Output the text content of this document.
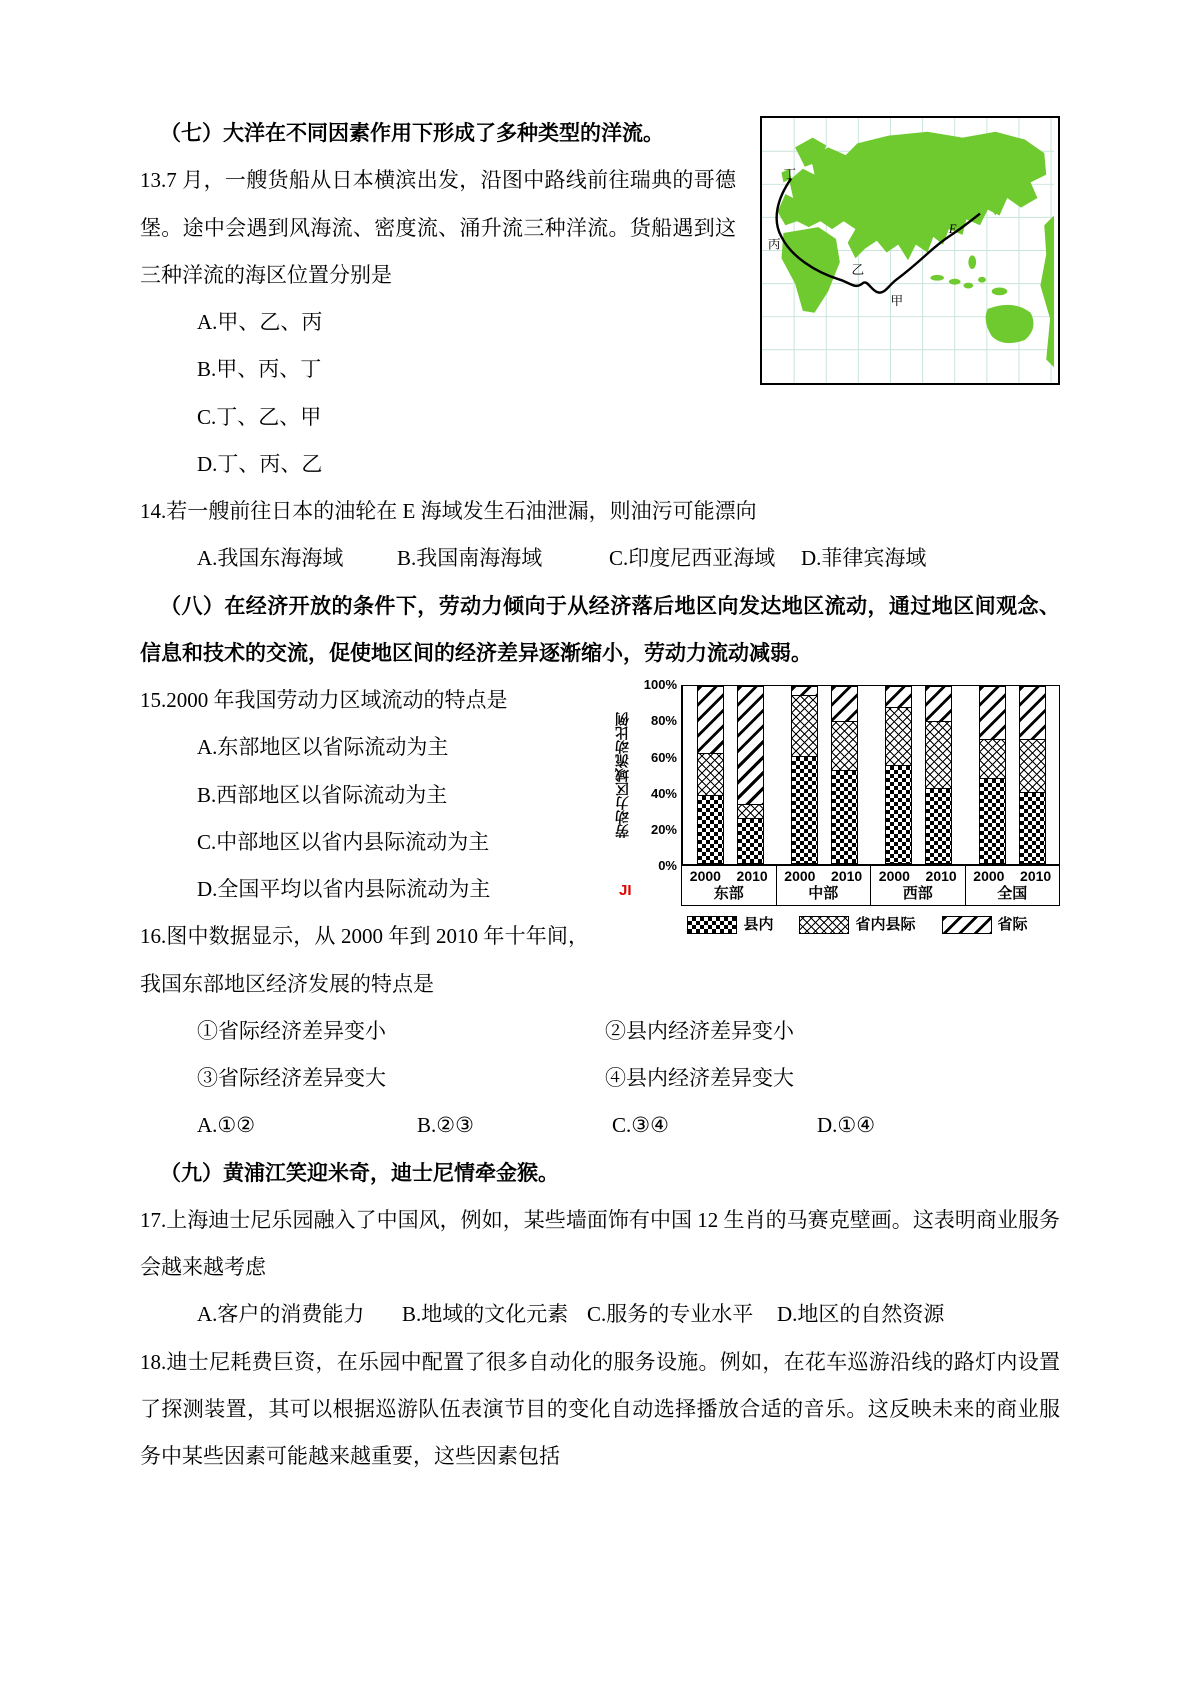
丁
丙
乙
甲
E

（七）大洋在不同因素作用下形成了多种类型的洋流。

13.7 月，一艘货船从日本横滨出发，沿图中路线前往瑞典的哥德堡。途中会遇到风海流、密度流、涌升流三种洋流。货船遇到这三种洋流的海区位置分别是

A.甲、乙、丙
B.甲、丙、丁
C.丁、乙、甲
D.丁、丙、乙

14.若一艘前往日本的油轮在 E 海域发生石油泄漏，则油污可能漂向

A.我国东海海域	B.我国南海海域	C.印度尼西亚海域	D.菲律宾海域

（八）在经济开放的条件下，劳动力倾向于从经济落后地区向发达地区流动，通过地区间观念、信息和技术的交流，促使地区间的经济差异逐渐缩小，劳动力流动减弱。

劳动力区域流动比例
100%
80%
60%
40%
20%
0%
2000 2010
东部
2000 2010
中部
2000 2010
西部
2000 2010
全国
县内	省内县际	省际
JI

15.2000 年我国劳动力区域流动的特点是

A.东部地区以省际流动为主
B.西部地区以省际流动为主
C.中部地区以省内县际流动为主
D.全国平均以省内县际流动为主

16.图中数据显示，从 2000 年到 2010 年十年间，我国东部地区经济发展的特点是

①省际经济差异变小	②县内经济差异变小
③省际经济差异变大	④县内经济差异变大
A.①②	B.②③	C.③④	D.①④

（九）黄浦江笑迎米奇，迪士尼情牵金猴。

17.上海迪士尼乐园融入了中国风，例如，某些墙面饰有中国 12 生肖的马赛克壁画。这表明商业服务会越来越考虑

A.客户的消费能力	B.地域的文化元素 C.服务的专业水平	D.地区的自然资源

18.迪士尼耗费巨资，在乐园中配置了很多自动化的服务设施。例如，在花车巡游沿线的路灯内设置了探测装置，其可以根据巡游队伍表演节目的变化自动选择播放合适的音乐。这反映未来的商业服务中某些因素可能越来越重要，这些因素包括
